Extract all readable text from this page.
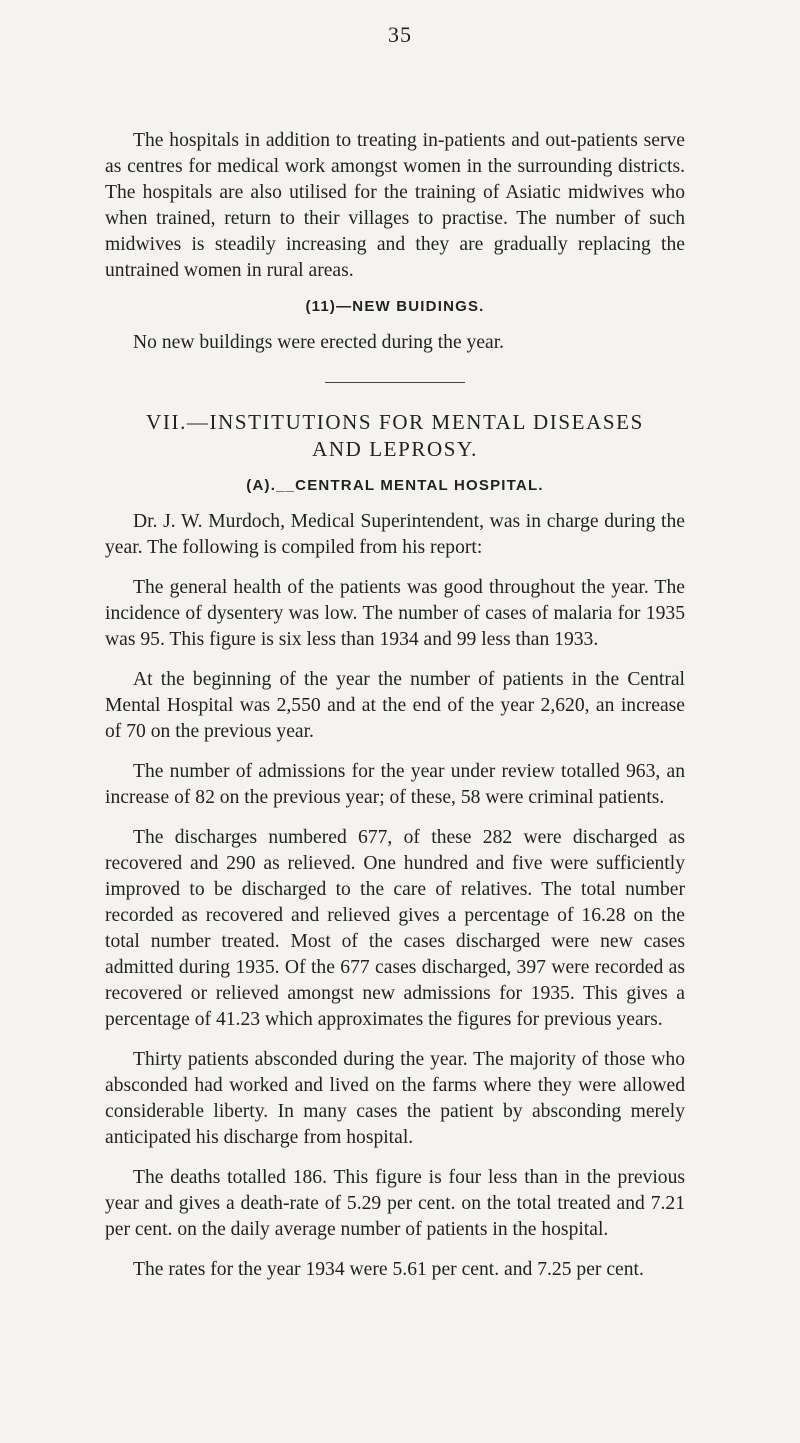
35

The hospitals in addition to treating in-patients and out-patients serve as centres for medical work amongst women in the surrounding districts. The hospitals are also utilised for the training of Asiatic midwives who when trained, return to their villages to practise. The number of such midwives is steadily increasing and they are gradually replacing the untrained women in rural areas.

(11)—NEW BUIDINGS.

No new buildings were erected during the year.

VII.—INSTITUTIONS FOR MENTAL DISEASES
AND LEPROSY.
(A).__CENTRAL MENTAL HOSPITAL.

Dr. J. W. Murdoch, Medical Superintendent, was in charge during the year. The following is compiled from his report:

The general health of the patients was good throughout the year. The incidence of dysentery was low. The number of cases of malaria for 1935 was 95. This figure is six less than 1934 and 99 less than 1933.

At the beginning of the year the number of patients in the Central Mental Hospital was 2,550 and at the end of the year 2,620, an increase of 70 on the previous year.

The number of admissions for the year under review totalled 963, an increase of 82 on the previous year; of these, 58 were criminal patients.

The discharges numbered 677, of these 282 were discharged as recovered and 290 as relieved. One hundred and five were sufficiently improved to be discharged to the care of relatives. The total number recorded as recovered and relieved gives a percentage of 16.28 on the total number treated. Most of the cases discharged were new cases admitted during 1935. Of the 677 cases discharged, 397 were recorded as recovered or relieved amongst new admissions for 1935. This gives a percentage of 41.23 which approximates the figures for previous years.

Thirty patients absconded during the year. The majority of those who absconded had worked and lived on the farms where they were allowed considerable liberty. In many cases the patient by absconding merely anticipated his discharge from hospital.

The deaths totalled 186. This figure is four less than in the previous year and gives a death-rate of 5.29 per cent. on the total treated and 7.21 per cent. on the daily average number of patients in the hospital.

The rates for the year 1934 were 5.61 per cent. and 7.25 per cent.
